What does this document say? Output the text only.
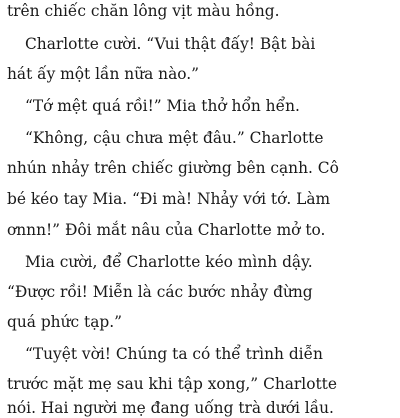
trên chiếc chăn lông vịt màu hồng.
Charlotte cười. “Vui thật đấy! Bật bài
hát ấy một lần nữa nào.”
“Tớ mệt quá rồi!” Mia thở hổn hển.
“Không, cậu chưa mệt đâu.” Charlotte
nhún nhảy trên chiếc giường bên cạnh. Cô
bé kéo tay Mia. “Đi mà! Nhảy với tớ. Làm
ơnnn!” Đôi mắt nâu của Charlotte mở to.
Mia cười, để Charlotte kéo mình dậy.
“Được rồi! Miễn là các bước nhảy đừng
quá phức tạp.”
“Tuyệt vời! Chúng ta có thể trình diễn
trước mặt mẹ sau khi tập xong,” Charlotte
nói. Hai người mẹ đang uống trà dưới lầu.
